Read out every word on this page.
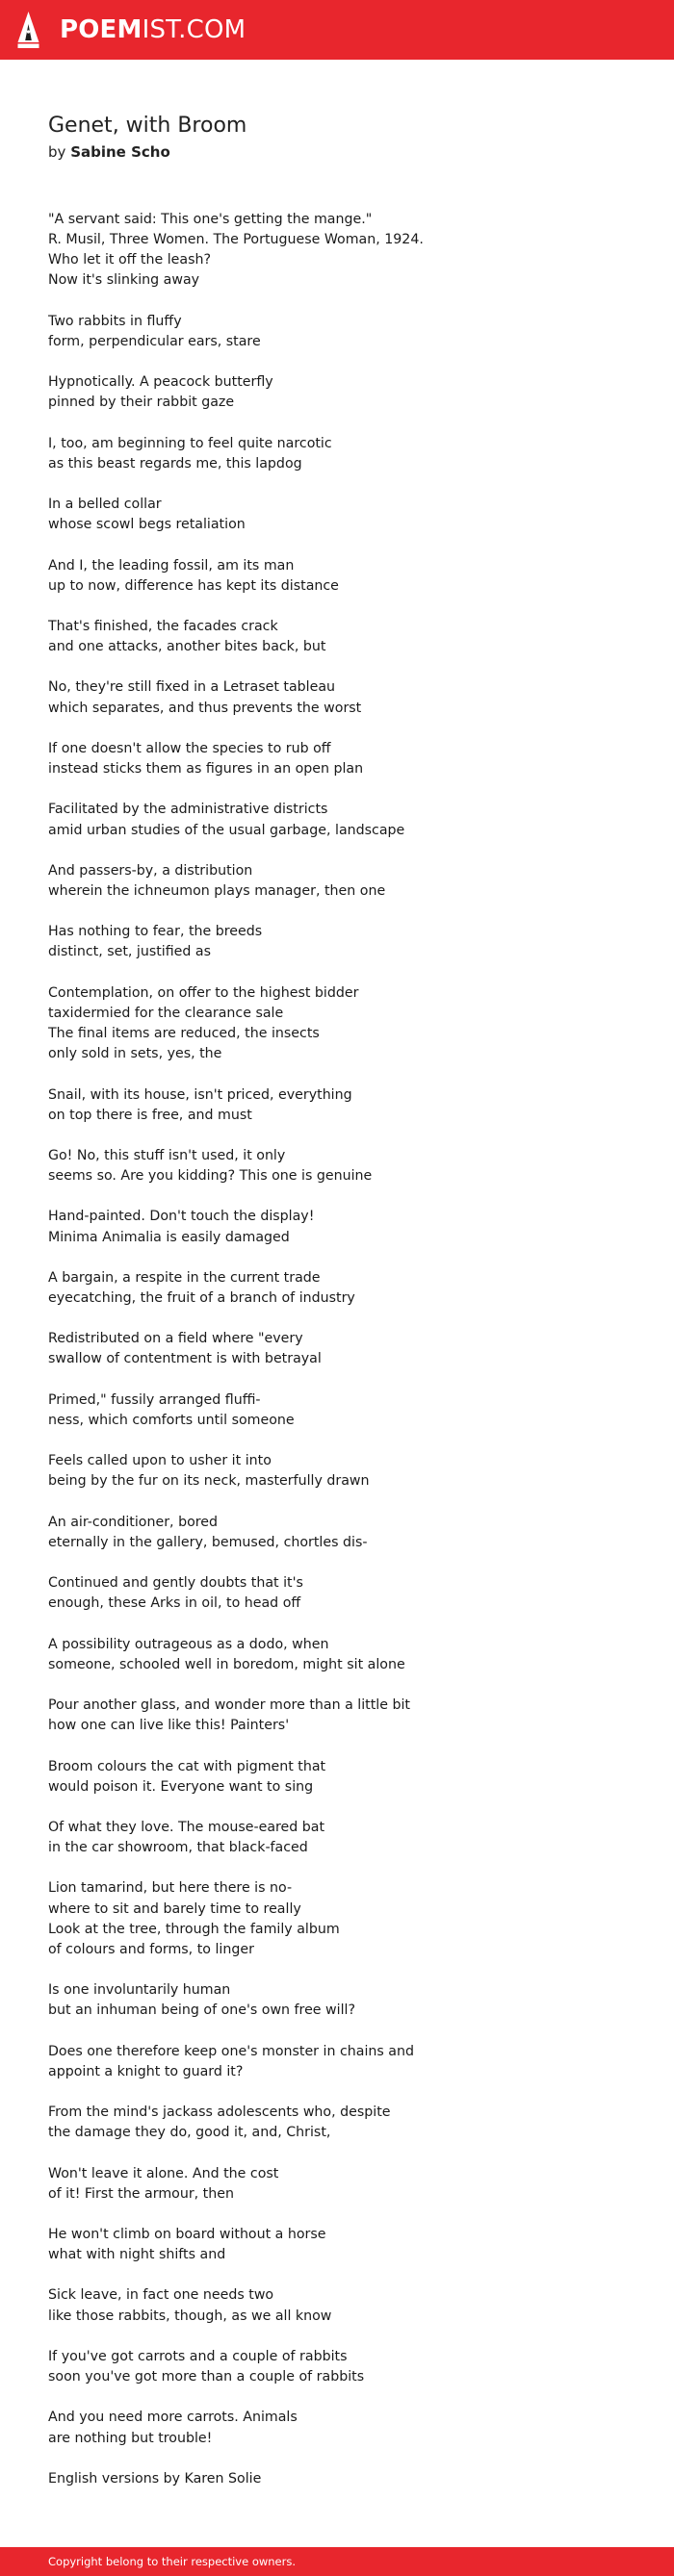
POEMIST.COM
Genet, with Broom
by Sabine Scho
"A servant said: This one's getting the mange."
R. Musil, Three Women. The Portuguese Woman, 1924.
Who let it off the leash?
Now it's slinking away
Two rabbits in fluffy
form, perpendicular ears, stare
Hypnotically. A peacock butterfly
pinned by their rabbit gaze
I, too, am beginning to feel quite narcotic
as this beast regards me, this lapdog
In a belled collar
whose scowl begs retaliation
And I, the leading fossil, am its man
up to now, difference has kept its distance
That's finished, the facades crack
and one attacks, another bites back, but
No, they're still fixed in a Letraset tableau
which separates, and thus prevents the worst
If one doesn't allow the species to rub off
instead sticks them as figures in an open plan
Facilitated by the administrative districts
amid urban studies of the usual garbage, landscape
And passers-by, a distribution
wherein the ichneumon plays manager, then one
Has nothing to fear, the breeds
distinct, set, justified as
Contemplation, on offer to the highest bidder
taxidermied for the clearance sale
The final items are reduced, the insects
only sold in sets, yes, the
Snail, with its house, isn't priced, everything
on top there is free, and must
Go! No, this stuff isn't used, it only
seems so. Are you kidding? This one is genuine
Hand-painted. Don't touch the display!
Minima Animalia is easily damaged
A bargain, a respite in the current trade
eyecatching, the fruit of a branch of industry
Redistributed on a field where "every
swallow of contentment is with betrayal
Primed," fussily arranged fluffi-
ness, which comforts until someone
Feels called upon to usher it into
being by the fur on its neck, masterfully drawn
An air-conditioner, bored
eternally in the gallery, bemused, chortles dis-
Continued and gently doubts that it's
enough, these Arks in oil, to head off
A possibility outrageous as a dodo, when
someone, schooled well in boredom, might sit alone
Pour another glass, and wonder more than a little bit
how one can live like this! Painters'
Broom colours the cat with pigment that
would poison it. Everyone want to sing
Of what they love. The mouse-eared bat
in the car showroom, that black-faced
Lion tamarind, but here there is no-
where to sit and barely time to really
Look at the tree, through the family album
of colours and forms, to linger
Is one involuntarily human
but an inhuman being of one's own free will?
Does one therefore keep one's monster in chains and
appoint a knight to guard it?
From the mind's jackass adolescents who, despite
the damage they do, good it, and, Christ,
Won't leave it alone. And the cost
of it! First the armour, then
He won't climb on board without a horse
what with night shifts and
Sick leave, in fact one needs two
like those rabbits, though, as we all know
If you've got carrots and a couple of rabbits
soon you've got more than a couple of rabbits
And you need more carrots. Animals
are nothing but trouble!
English versions by Karen Solie
Copyright belong to their respective owners.
